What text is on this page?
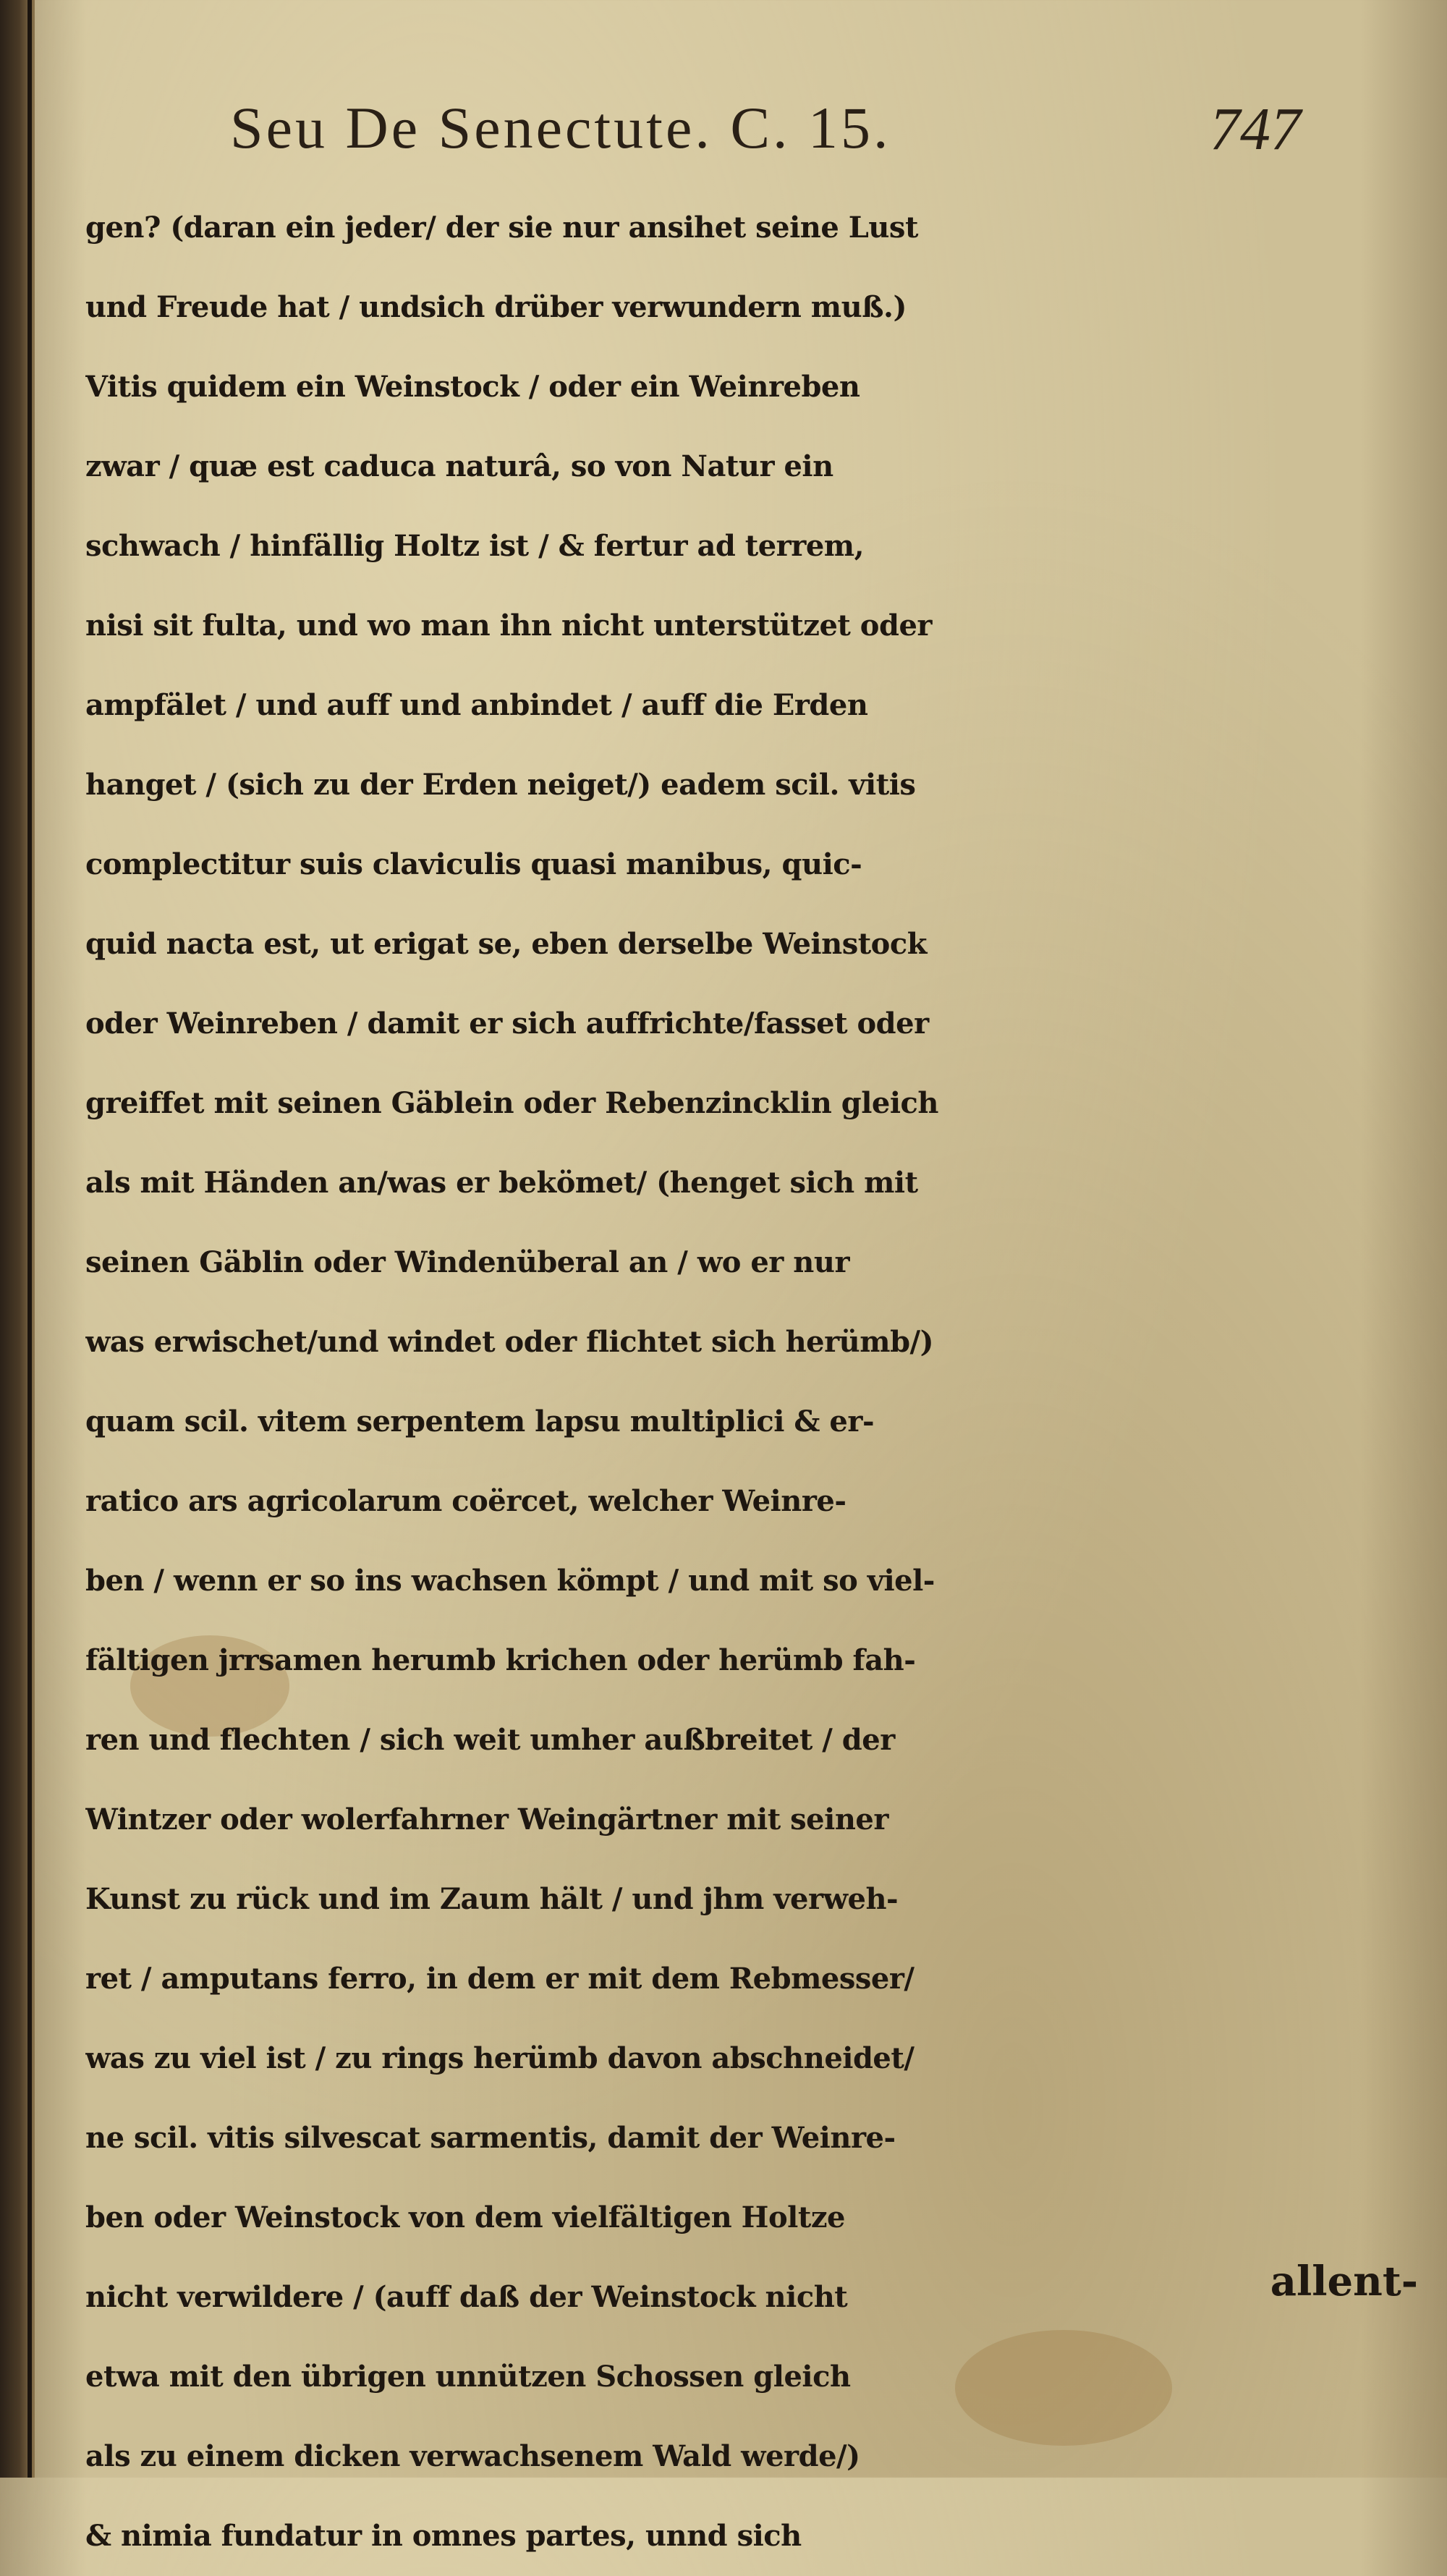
Seu De Senectute. C. 15.	747
gen? (daran ein jeder/ der sie nur ansihet seine Lust
und Freude hat / undsich drüber verwundern muß.)
Vitis quidem ein Weinstock / oder ein Weinreben
zwar / quæ est caduca naturâ, so von Natur ein
schwach / hinfällig Holtz ist / & fertur ad terrem,
nisi sit fulta, und wo man ihn nicht unterstützet oder
ampfälet / und auff und anbindet / auff die Erden
hanget / (sich zu der Erden neiget/) eadem scil. vitis
complectitur suis claviculis quasi manibus, quic-
quid nacta est, ut erigat se, eben derselbe Weinstock
oder Weinreben / damit er sich auffrichte/fasset oder
greiffet mit seinen Gäblein oder Rebenzincklin gleich
als mit Händen an/was er bekömet/ (henget sich mit
seinen Gäblin oder Windenüberal an / wo er nur
was erwischet/und windet oder flichtet sich herümb/)
quam scil. vitem serpentem lapsu multiplici & er-
ratico ars agricolarum coërcet, welcher Weinre-
ben / wenn er so ins wachsen kömpt / und mit so viel-
fältigen jrrsamen herumb krichen oder herümb fah-
ren und flechten / sich weit umher außbreitet / der
Wintzer oder wolerfahrner Weingärtner mit seiner
Kunst zu rück und im Zaum hält / und jhm verweh-
ret / amputans ferro, in dem er mit dem Rebmesser/
was zu viel ist / zu rings herümb davon abschneidet/
ne scil. vitis silvescat sarmentis, damit der Weinre-
ben oder Weinstock von dem vielfältigen Holtze
nicht verwildere / (auff daß der Weinstock nicht
etwa mit den übrigen unnützen Schossen gleich
als zu einem dicken verwachsenem Wald werde/)
& nimia fundatur in omnes partes, unnd sich
allent-
